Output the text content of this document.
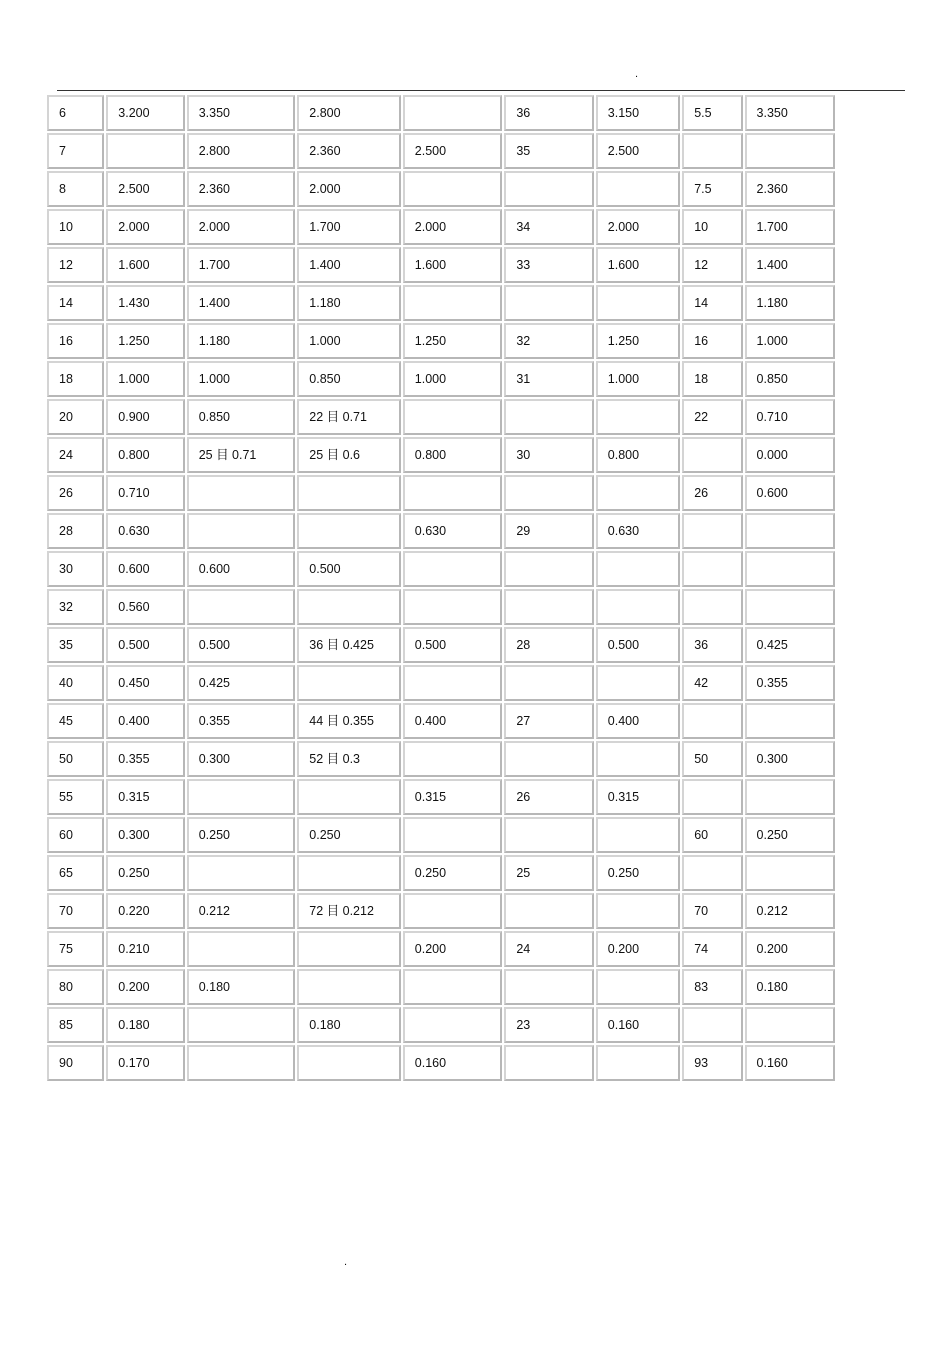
.
6	3.200	3.350	2.800		36	3.150	5.5	3.350
7		2.800	2.360	2.500	35	2.500		
8	2.500	2.360	2.000				7.5	2.360
10	2.000	2.000	1.700	2.000	34	2.000	10	1.700
12	1.600	1.700	1.400	1.600	33	1.600	12	1.400
14	1.430	1.400	1.180				14	1.180
16	1.250	1.180	1.000	1.250	32	1.250	16	1.000
18	1.000	1.000	0.850	1.000	31	1.000	18	0.850
20	0.900	0.850	22 目 0.71				22	0.710
24	0.800	25 目 0.71	25 目 0.6	0.800	30	0.800		0.000
26	0.710						26	0.600
28	0.630			0.630	29	0.630		
30	0.600	0.600	0.500					
32	0.560							
35	0.500	0.500	36 目 0.425	0.500	28	0.500	36	0.425
40	0.450	0.425					42	0.355
45	0.400	0.355	44 目 0.355	0.400	27	0.400		
50	0.355	0.300	52 目 0.3				50	0.300
55	0.315			0.315	26	0.315		
60	0.300	0.250	0.250				60	0.250
65	0.250			0.250	25	0.250		
70	0.220	0.212	72 目 0.212				70	0.212
75	0.210			0.200	24	0.200	74	0.200
80	0.200	0.180					83	0.180
85	0.180		0.180		23	0.160		
90	0.170			0.160			93	0.160
.
